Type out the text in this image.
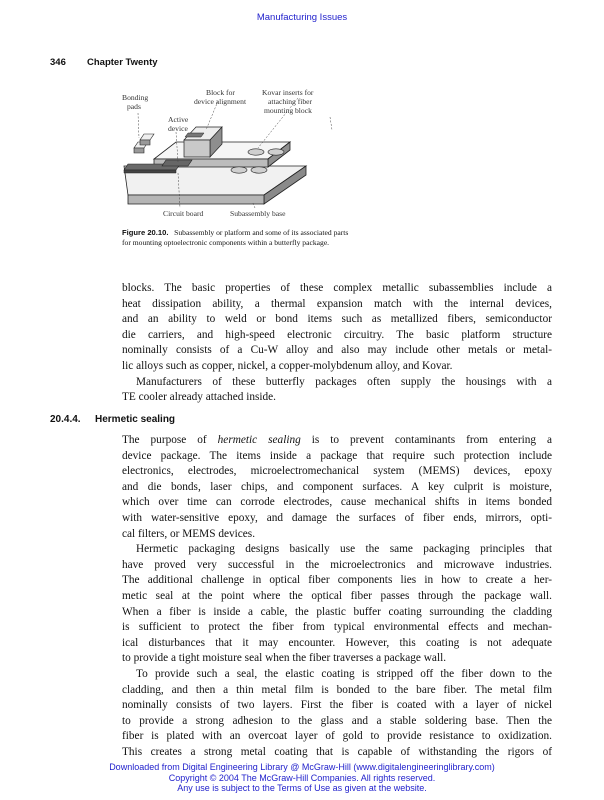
Manufacturing Issues
346 Chapter Twenty
Bonding pads
Block for device alignment
Kovar inserts for attaching fiber mounting block
Active device
Circuit board	Subassembly base
Figure 20.10. Subassembly or platform and some of its associated parts for mounting optoelectronic components within a butterfly package.
blocks. The basic properties of these complex metallic subassemblies include a
heat dissipation ability, a thermal expansion match with the internal devices,
and an ability to weld or bond items such as metallized fibers, semiconductor
die carriers, and high-speed electronic circuitry. The basic platform structure
nominally consists of a Cu-W alloy and also may include other metals or metal-
lic alloys such as copper, nickel, a copper-molybdenum alloy, and Kovar.
Manufacturers of these butterfly packages often supply the housings with a
TE cooler already attached inside.
20.4.4. Hermetic sealing
The purpose of hermetic sealing is to prevent contaminants from entering a
device package. The items inside a package that require such protection include
electronics, electrodes, microelectromechanical system (MEMS) devices, epoxy
and die bonds, laser chips, and component surfaces. A key culprit is moisture,
which over time can corrode electrodes, cause mechanical shifts in items bonded
with water-sensitive epoxy, and damage the surfaces of fiber ends, mirrors, opti-
cal filters, or MEMS devices.
Hermetic packaging designs basically use the same packaging principles that
have proved very successful in the microelectronics and microwave industries.
The additional challenge in optical fiber components lies in how to create a her-
metic seal at the point where the optical fiber passes through the package wall.
When a fiber is inside a cable, the plastic buffer coating surrounding the cladding
is sufficient to protect the fiber from typical environmental effects and mechan-
ical disturbances that it may encounter. However, this coating is not adequate
to provide a tight moisture seal when the fiber traverses a package wall.
To provide such a seal, the elastic coating is stripped off the fiber down to the
cladding, and then a thin metal film is bonded to the bare fiber. The metal film
nominally consists of two layers. First the fiber is coated with a layer of nickel
to provide a strong adhesion to the glass and a stable soldering base. Then the
fiber is plated with an overcoat layer of gold to provide resistance to oxidization.
This creates a strong metal coating that is capable of withstanding the rigors of
Downloaded from Digital Engineering Library @ McGraw-Hill (www.digitalengineeringlibrary.com)
Copyright © 2004 The McGraw-Hill Companies. All rights reserved.
Any use is subject to the Terms of Use as given at the website.
